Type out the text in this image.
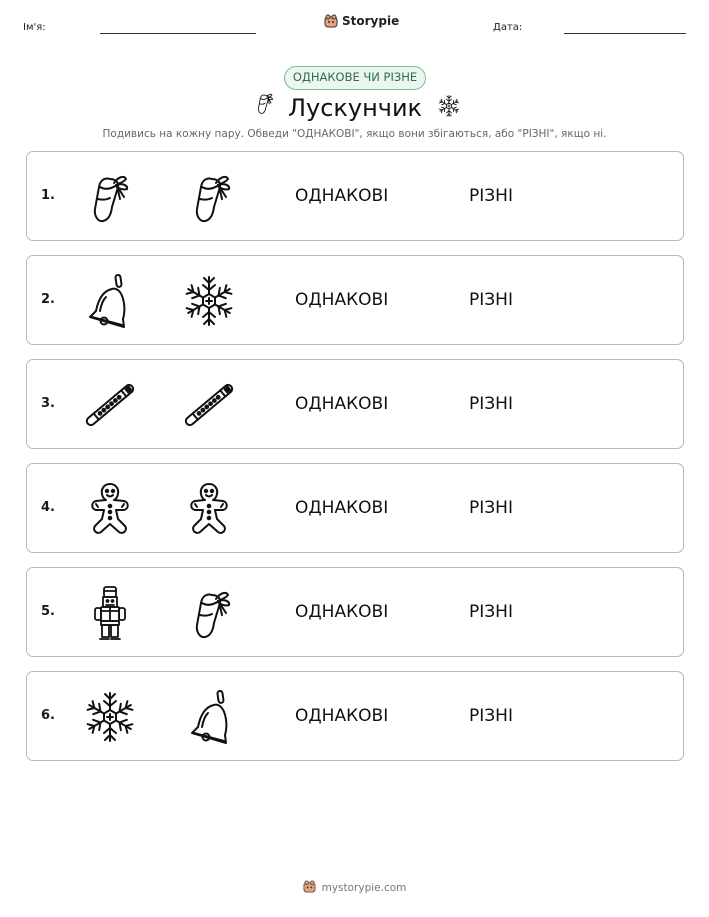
Ім'я:	Storypie	Дата:
ОДНАКОВЕ ЧИ РІЗНЕ
Лускунчик
Подивись на кожну пару. Обведи "ОДНАКОВІ", якщо вони збігаються, або "РІЗНІ", якщо ні.
1.	ОДНАКОВІ	РІЗНІ
2.	ОДНАКОВІ	РІЗНІ
3.	ОДНАКОВІ	РІЗНІ
4.	ОДНАКОВІ	РІЗНІ
5.	ОДНАКОВІ	РІЗНІ
6.	ОДНАКОВІ	РІЗНІ
mystorypie.com
